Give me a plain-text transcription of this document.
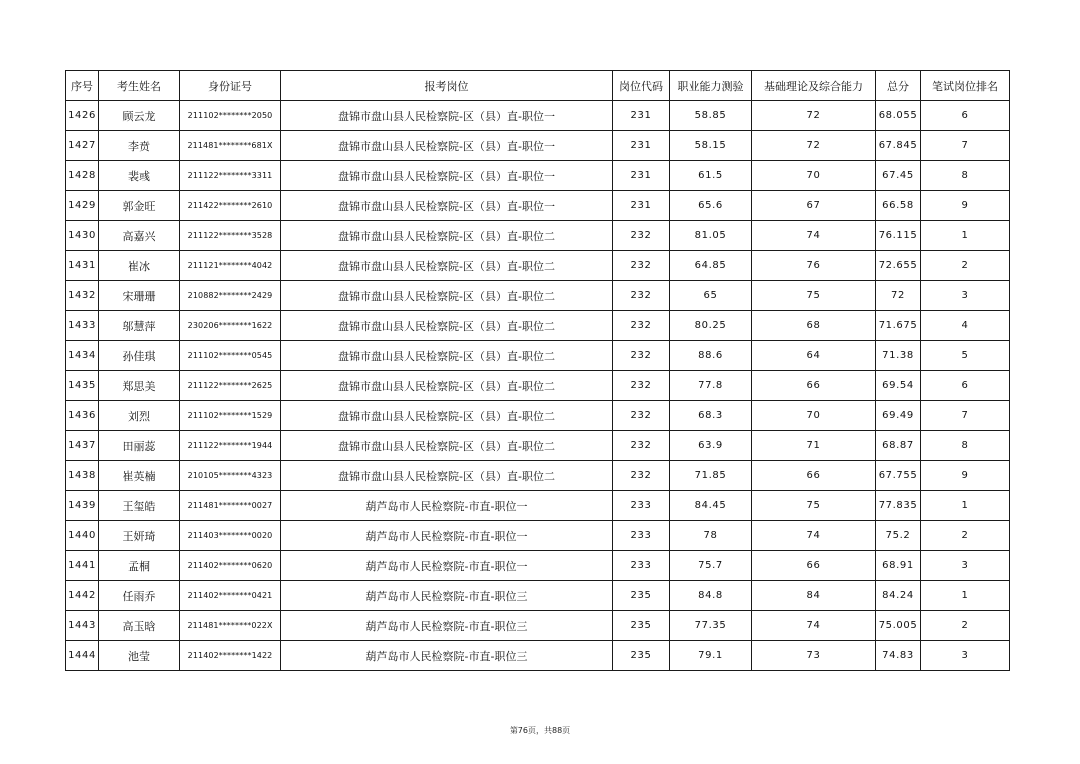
序号	考生姓名	身份证号	报考岗位	岗位代码	职业能力测验	基础理论及综合能力	总分	笔试岗位排名
1426	顾云龙	211102********2050	盘锦市盘山县人民检察院-区（县）直-职位一	231	58.85	72	68.055	6
1427	李贲	211481********681X	盘锦市盘山县人民检察院-区（县）直-职位一	231	58.15	72	67.845	7
1428	裴彧	211122********3311	盘锦市盘山县人民检察院-区（县）直-职位一	231	61.5	70	67.45	8
1429	郭金旺	211422********2610	盘锦市盘山县人民检察院-区（县）直-职位一	231	65.6	67	66.58	9
1430	高嘉兴	211122********3528	盘锦市盘山县人民检察院-区（县）直-职位二	232	81.05	74	76.115	1
1431	崔冰	211121********4042	盘锦市盘山县人民检察院-区（县）直-职位二	232	64.85	76	72.655	2
1432	宋珊珊	210882********2429	盘锦市盘山县人民检察院-区（县）直-职位二	232	65	75	72	3
1433	邬慧萍	230206********1622	盘锦市盘山县人民检察院-区（县）直-职位二	232	80.25	68	71.675	4
1434	孙佳琪	211102********0545	盘锦市盘山县人民检察院-区（县）直-职位二	232	88.6	64	71.38	5
1435	郑思美	211122********2625	盘锦市盘山县人民检察院-区（县）直-职位二	232	77.8	66	69.54	6
1436	刘烈	211102********1529	盘锦市盘山县人民检察院-区（县）直-职位二	232	68.3	70	69.49	7
1437	田丽蕊	211122********1944	盘锦市盘山县人民检察院-区（县）直-职位二	232	63.9	71	68.87	8
1438	崔英楠	210105********4323	盘锦市盘山县人民检察院-区（县）直-职位二	232	71.85	66	67.755	9
1439	王玺皓	211481********0027	葫芦岛市人民检察院-市直-职位一	233	84.45	75	77.835	1
1440	王妍琦	211403********0020	葫芦岛市人民检察院-市直-职位一	233	78	74	75.2	2
1441	孟桐	211402********0620	葫芦岛市人民检察院-市直-职位一	233	75.7	66	68.91	3
1442	任雨乔	211402********0421	葫芦岛市人民检察院-市直-职位三	235	84.8	84	84.24	1
1443	高玉晗	211481********022X	葫芦岛市人民检察院-市直-职位三	235	77.35	74	75.005	2
1444	池莹	211402********1422	葫芦岛市人民检察院-市直-职位三	235	79.1	73	74.83	3
第76页，共88页
